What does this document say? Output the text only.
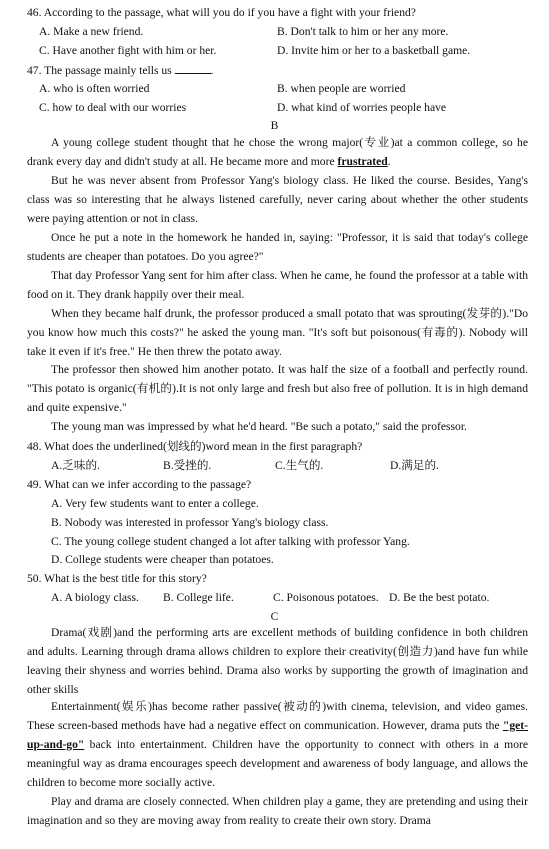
46. According to the passage, what will you do if you have a fight with your friend?
A. Make a new friend.	B. Don't talk to him or her any more.
C. Have another fight with him or her.	D. Invite him or her to a basketball game.
47. The passage mainly tells us	.
A. who is often worried	B. when people are worried
C. how to deal with our worries	D. what kind of worries people have
B
A young college student thought that he chose the wrong major(专业)at a common college, so he drank every day and didn't study at all. He became more and more frustrated.
But he was never absent from Professor Yang's biology class. He liked the course. Besides, Yang's class was so interesting that he always listened carefully, never caring about whether the other students were paying attention or not in class.
Once he put a note in the homework he handed in, saying: "Professor, it is said that today's college students are cheaper than potatoes. Do you agree?"
That day Professor Yang sent for him after class. When he came, he found the professor at a table with food on it. They drank happily over their meal.
When they became half drunk, the professor produced a small potato that was sprouting(发芽的)."Do you know how much this costs?" he asked the young man. "It's soft but poisonous(有毒的). Nobody will take it even if it's free." He then threw the potato away.
The professor then showed him another potato. It was half the size of a football and perfectly round. "This potato is organic(有机的).It is not only large and fresh but also free of pollution. It is in high demand and quite expensive."
The young man was impressed by what he'd heard. "Be such a potato," said the professor.
48. What does the underlined(划线的)word mean in the first paragraph?
A.乏味的.	B.受挫的.	C.生气的.	D.满足的.
49. What can we infer according to the passage?
A. Very few students want to enter a college.
B. Nobody was interested in professor Yang's biology class.
C. The young college student changed a lot after talking with professor Yang.
D. College students were cheaper than potatoes.
50. What is the best title for this story?
A. A biology class. B. College life.	C. Poisonous potatoes. D. Be the best potato.
C
Drama(戏剧)and the performing arts are excellent methods of building confidence in both children and adults. Learning through drama allows children to explore their creativity(创造力)and have fun while leaving their shyness and worries behind. Drama also works by supporting the growth of imagination and other skills
Entertainment(娱乐)has become rather passive(被动的)with cinema, television, and video games. These screen-based methods have had a negative effect on communication. However, drama puts the "get-up-and-go" back into entertainment. Children have the opportunity to connect with others in a more meaningful way as drama encourages speech development and awareness of body language, and allows the children to become more socially active.
Play and drama are closely connected. When children play a game, they are pretending and using their imagination and so they are moving away from reality to create their own story. Drama
